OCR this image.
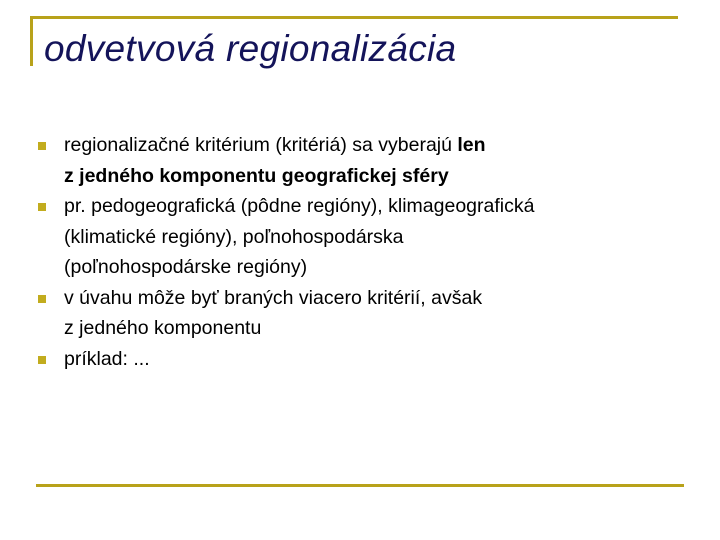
odvetvová regionalizácia
regionalizačné kritérium (kritériá) sa vyberajú len
z jedného komponentu geografickej sféry
pr. pedogeografická (pôdne regióny), klimageografická
(klimatické regióny), poľnohospodárska
(poľnohospodárske regióny)
v úvahu môže byť braných viacero kritérií, avšak
z jedného komponentu
príklad: ...
